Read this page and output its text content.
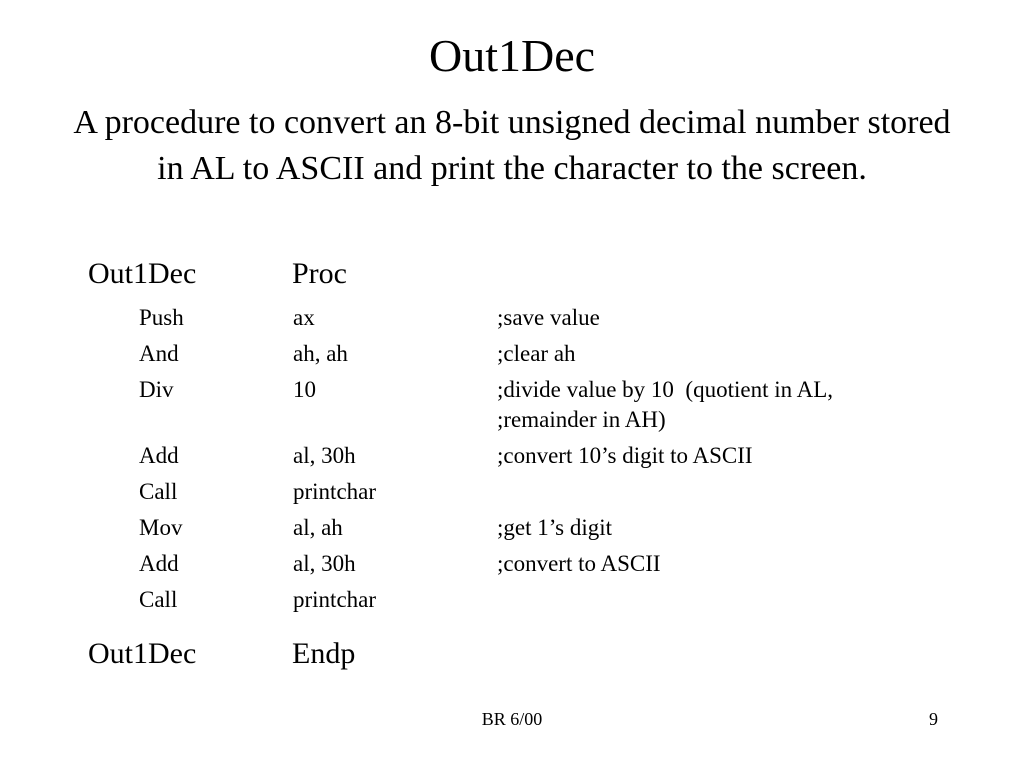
Out1Dec
A procedure to convert an 8-bit unsigned decimal number stored in AL to ASCII and print the character to the screen.
Out1Dec	Proc
Push	ax	;save value
And	ah, ah	;clear ah
Div	10	;divide value by 10  (quotient in AL,
;remainder in AH)
Add	al, 30h	;convert 10’s digit to ASCII
Call	printchar
Mov	al, ah	;get 1’s digit
Add	al, 30h	;convert to ASCII
Call	printchar
Out1Dec	Endp
BR 6/00	9
